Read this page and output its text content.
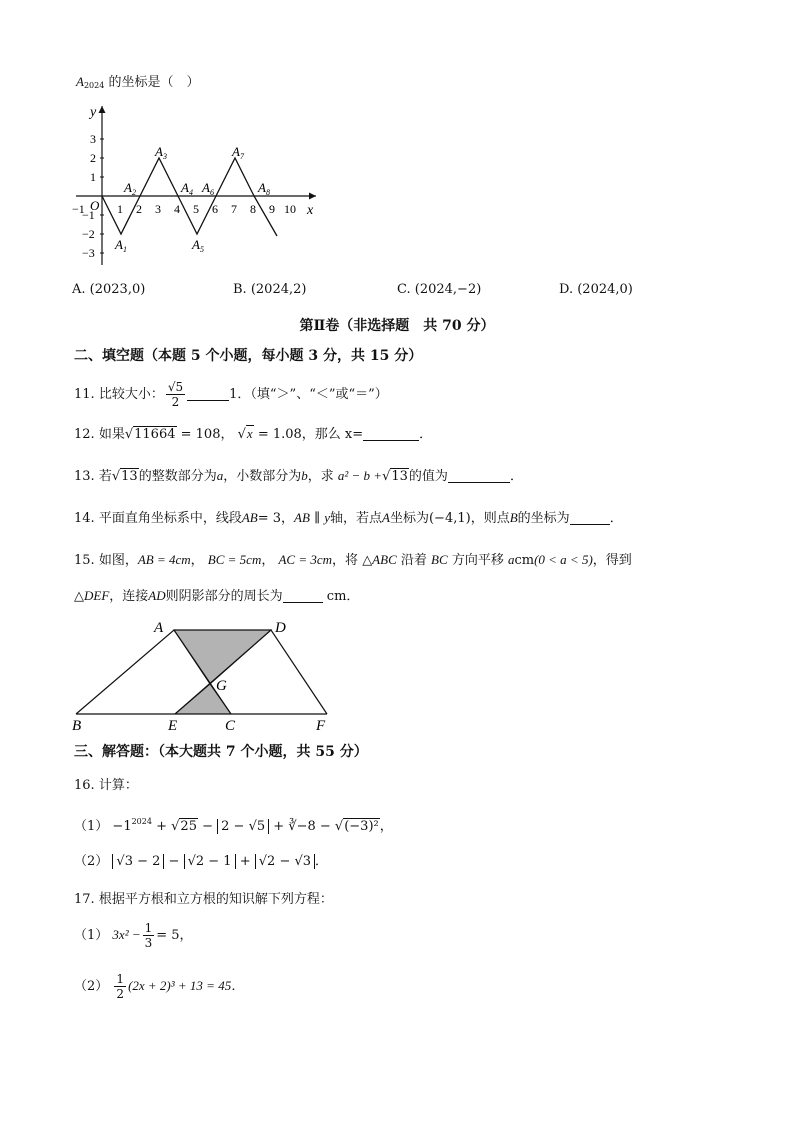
$A_{2024}$ 的坐标是（　）
y
x
O
−1	1 2 3 4 5 6 7 8 9 10
3
2
1
−1
−2
−3
$A_1$
$A_2$
$A_3$
$A_4$
$A_5$
$A_6$
$A_7$
$A_8$
A. (2023,0)	B. (2024,2)	C. (2024,−2)	D. (2024,0)
第Ⅱ卷（非选择题　共 70 分）
二、填空题（本题 5 个小题，每小题 3 分，共 15 分）
11. 比较大小： $\frac{√5}{2}$	1．（填“＞”、“＜”或“＝”）
12. 如果√11664 = 108， √x = 1.08，那么 x=	．
13. 若√13的整数部分为a，小数部分为b，求 a² − b +√13的值为	．
14. 平面直角坐标系中，线段AB= 3，AB ∥ y轴，若点A坐标为(−4,1)，则点B的坐标为	．
15. 如图，AB = 4cm， BC = 5cm， AC = 3cm，将 △ABC 沿着 BC 方向平移 acm(0 < a < 5)，得到
△DEF，连接AD则阴影部分的周长为	cm．
A	D
G
B	E	C	F
三、解答题：（本大题共 7 个小题，共 55 分）
16. 计算：
$(1) -1^{2024} + √25 - 2 - √5$ + ∛−8 − √(−3)²，
（2） √3 − 2 − √2 − 1 + √2 − √3 ．
17. 根据平方根和立方根的知识解下列方程：
（1） $3x^2 - \frac{1}{3} = 5$，
$(2) \frac{1}{2} (2x + 2)^3 + 13 = 45$．
